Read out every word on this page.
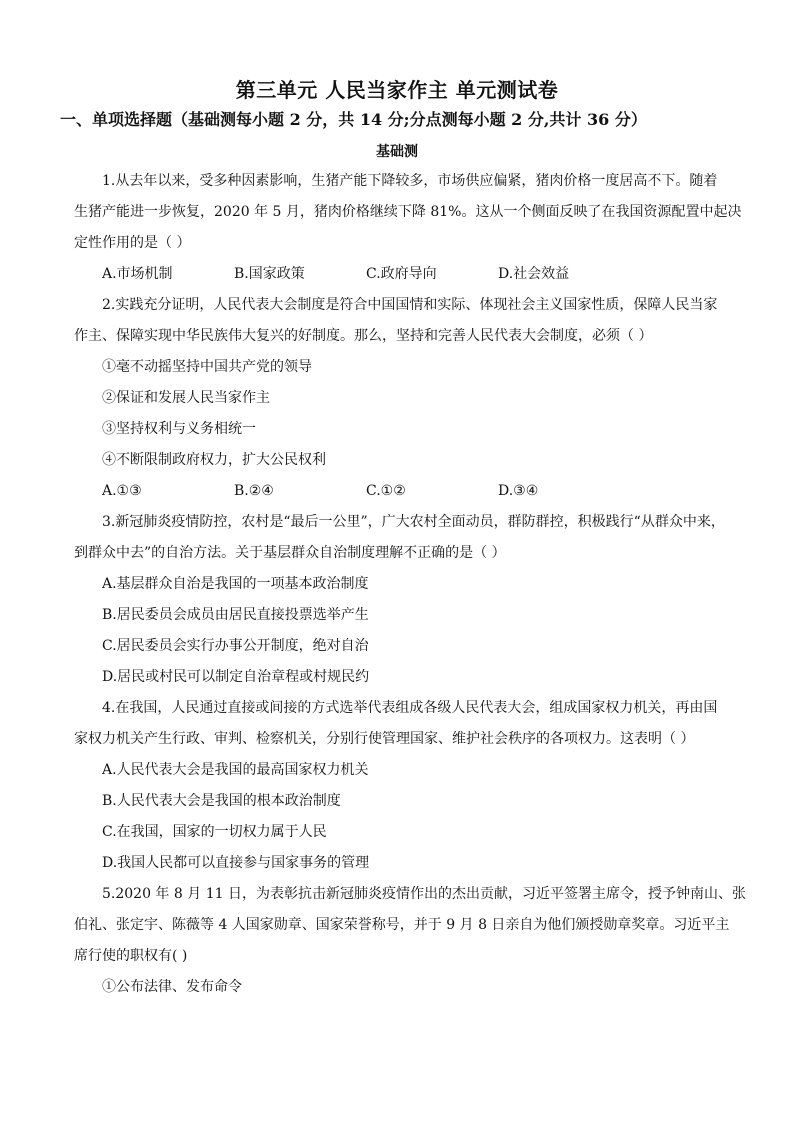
第三单元 人民当家作主 单元测试卷
一、单项选择题（基础测每小题 2 分，共 14 分;分点测每小题 2 分,共计 36 分）
基础测

1.从去年以来，受多种因素影响，生猪产能下降较多，市场供应偏紧，猪肉价格一度居高不下。随着
生猪产能进一步恢复，2020 年 5 月，猪肉价格继续下降 81%。这从一个侧面反映了在我国资源配置中起决
定性作用的是（ ）

A.市场机制	B.国家政策	C.政府导向	D.社会效益

2.实践充分证明，人民代表大会制度是符合中国国情和实际、体现社会主义国家性质，保障人民当家
作主、保障实现中华民族伟大复兴的好制度。那么，坚持和完善人民代表大会制度，必须（ ）

①毫不动摇坚持中国共产党的领导

②保证和发展人民当家作主

③坚持权利与义务相统一

④不断限制政府权力，扩大公民权利

A.①③	B.②④	C.①②	D.③④

3.新冠肺炎疫情防控，农村是“最后一公里”，广大农村全面动员，群防群控，积极践行“从群众中来，
到群众中去”的自治方法。关于基层群众自治制度理解不正确的是（ ）

A.基层群众自治是我国的一项基本政治制度

B.居民委员会成员由居民直接投票选举产生

C.居民委员会实行办事公开制度，绝对自治

D.居民或村民可以制定自治章程或村规民约

4.在我国，人民通过直接或间接的方式选举代表组成各级人民代表大会，组成国家权力机关，再由国
家权力机关产生行政、审判、检察机关，分别行使管理国家、维护社会秩序的各项权力。这表明（ ）

A.人民代表大会是我国的最高国家权力机关

B.人民代表大会是我国的根本政治制度

C.在我国，国家的一切权力属于人民

D.我国人民都可以直接参与国家事务的管理

5.2020 年 8 月 11 日，为表彰抗击新冠肺炎疫情作出的杰出贡献，习近平签署主席令，授予钟南山、张
伯礼、张定宇、陈薇等 4 人国家勋章、国家荣誉称号，并于 9 月 8 日亲自为他们颁授勋章奖章。习近平主
席行使的职权有( )

①公布法律、发布命令
